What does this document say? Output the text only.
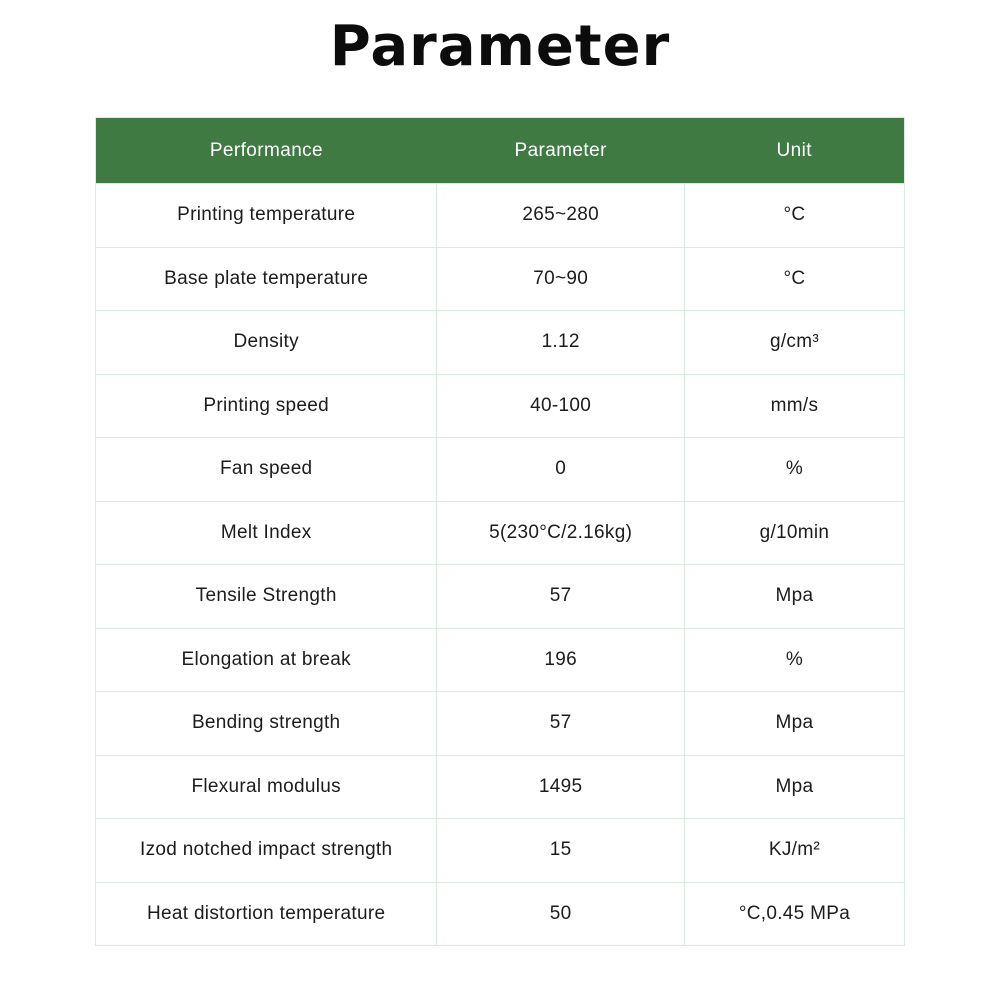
Parameter
Performance	Parameter	Unit
Printing temperature	265~280	°C
Base plate temperature	70~90	°C
Density	1.12	g/cm³
Printing speed	40-100	mm/s
Fan speed	0	%
Melt Index	5(230°C/2.16kg)	g/10min
Tensile Strength	57	Mpa
Elongation at break	196	%
Bending strength	57	Mpa
Flexural modulus	1495	Mpa
Izod notched impact strength	15	KJ/m²
Heat distortion temperature	50	°C,0.45 MPa
